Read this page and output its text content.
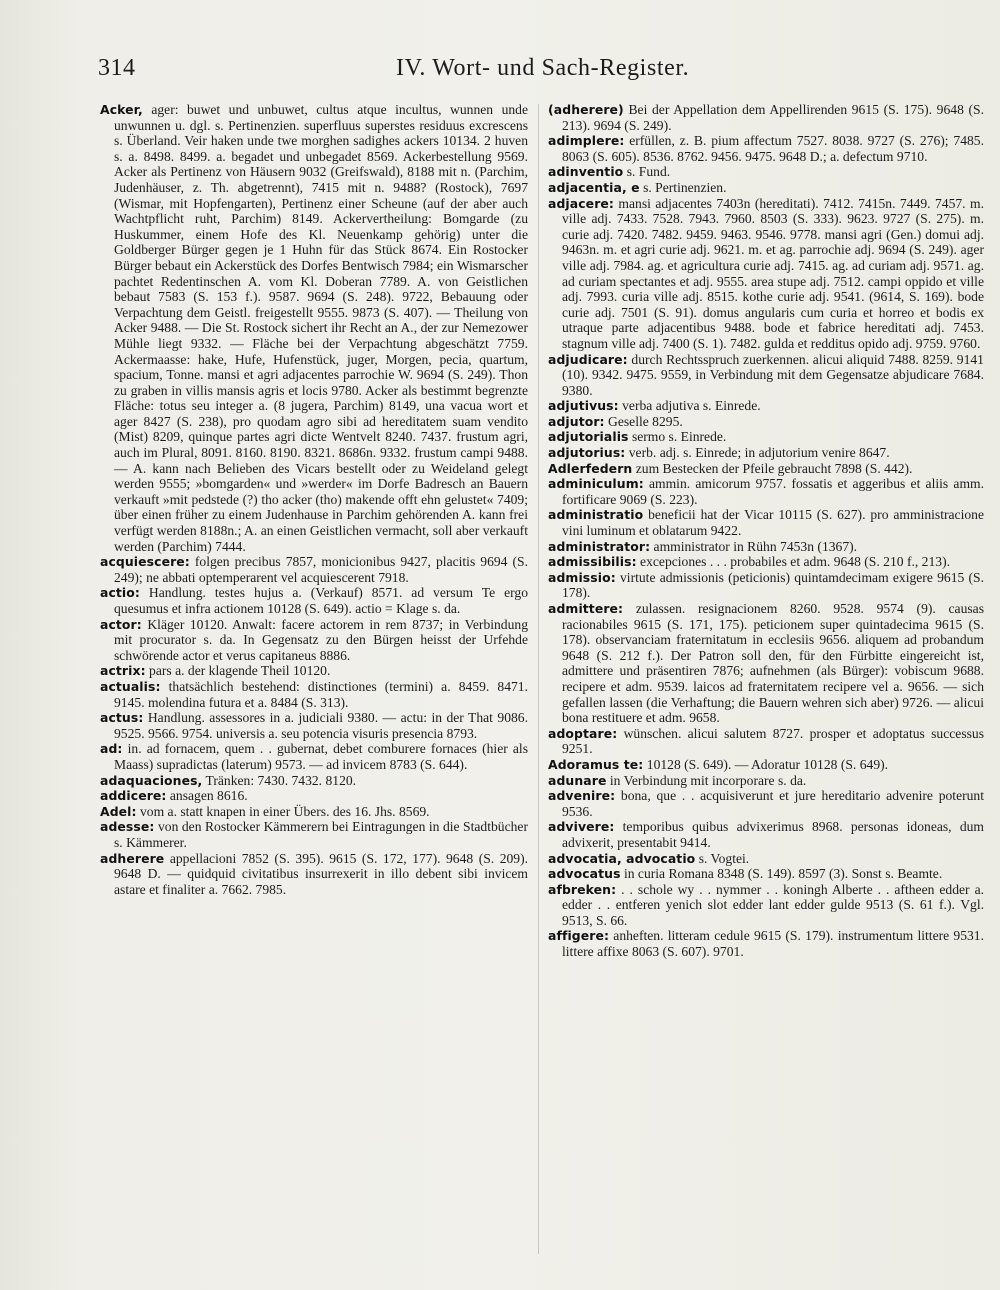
314	IV. Wort- und Sach-Register.

Acker, ager: buwet und unbuwet, cultus atque incultus, wunnen unde unwunnen u. dgl. s. Pertinenzien. superfluus superstes residuus excrescens s. Überland. Veir haken unde twe morghen sadighes ackers 10134. 2 huven s. a. 8498. 8499. a. begadet und unbegadet 8569. Ackerbestellung 9569. Acker als Pertinenz von Häusern 9032 (Greifswald), 8188 mit n. (Parchim, Judenhäuser, z. Th. abgetrennt), 7415 mit n. 9488? (Rostock), 7697 (Wismar, mit Hopfengarten), Pertinenz einer Scheune (auf der aber auch Wachtpflicht ruht, Parchim) 8149. Ackervertheilung: Bomgarde (zu Huskummer, einem Hofe des Kl. Neuenkamp gehörig) unter die Goldberger Bürger gegen je 1 Huhn für das Stück 8674. Ein Rostocker Bürger bebaut ein Ackerstück des Dorfes Bentwisch 7984; ein Wismarscher pachtet Redentinschen A. vom Kl. Doberan 7789. A. von Geistlichen bebaut 7583 (S. 153 f.). 9587. 9694 (S. 248). 9722, Bebauung oder Verpachtung dem Geistl. freigestellt 9555. 9873 (S. 407). — Theilung von Acker 9488. — Die St. Rostock sichert ihr Recht an A., der zur Nemezower Mühle liegt 9332. — Fläche bei der Verpachtung abgeschätzt 7759. Ackermaasse: hake, Hufe, Hufenstück, juger, Morgen, pecia, quartum, spacium, Tonne. mansi et agri adjacentes parrochie W. 9694 (S. 249). Thon zu graben in villis mansis agris et locis 9780. Acker als bestimmt begrenzte Fläche: totus seu integer a. (8 jugera, Parchim) 8149, una vacua wort et ager 8427 (S. 238), pro quodam agro sibi ad hereditatem suam vendito (Mist) 8209, quinque partes agri dicte Wentvelt 8240. 7437. frustum agri, auch im Plural, 8091. 8160. 8190. 8321. 8686n. 9332. frustum campi 9488. — A. kann nach Belieben des Vicars bestellt oder zu Weideland gelegt werden 9555; »bomgarden« und »werder« im Dorfe Badresch an Bauern verkauft »mit pedstede (?) tho acker (tho) makende offt ehn gelustet« 7409; über einen früher zu einem Judenhause in Parchim gehörenden A. kann frei verfügt werden 8188n.; A. an einen Geistlichen vermacht, soll aber verkauft werden (Parchim) 7444.

acquiescere: folgen precibus 7857, monicionibus 9427, placitis 9694 (S. 249); ne abbati optemperarent vel acquiescerent 7918.

actio: Handlung. testes hujus a. (Verkauf) 8571. ad versum Te ergo quesumus et infra actionem 10128 (S. 649). actio = Klage s. da.

actor: Kläger 10120. Anwalt: facere actorem in rem 8737; in Verbindung mit procurator s. da. In Gegensatz zu den Bürgen heisst der Urfehde schwörende actor et verus capitaneus 8886.

actrix: pars a. der klagende Theil 10120.

actualis: thatsächlich bestehend: distinctiones (termini) a. 8459. 8471. 9145. molendina futura et a. 8484 (S. 313).

actus: Handlung. assessores in a. judiciali 9380. — actu: in der That 9086. 9525. 9566. 9754. universis a. seu potencia visuris presencia 8793.

ad: in. ad fornacem, quem . . gubernat, debet comburere fornaces (hier als Maass) supradictas (laterum) 9573. — ad invicem 8783 (S. 644).

adaquaciones, Tränken: 7430. 7432. 8120.

addicere: ansagen 8616.

Adel: vom a. statt knapen in einer Übers. des 16. Jhs. 8569.

adesse: von den Rostocker Kämmerern bei Eintragungen in die Stadtbücher s. Kämmerer.

adherere appellacioni 7852 (S. 395). 9615 (S. 172, 177). 9648 (S. 209). 9648 D. — quidquid civitatibus insurrexerit in illo debent sibi invicem astare et finaliter a. 7662. 7985.

(adherere) Bei der Appellation dem Appellirenden 9615 (S. 175). 9648 (S. 213). 9694 (S. 249).

adimplere: erfüllen, z. B. pium affectum 7527. 8038. 9727 (S. 276); 7485. 8063 (S. 605). 8536. 8762. 9456. 9475. 9648 D.; a. defectum 9710.

adinventio s. Fund.

adjacentia, e s. Pertinenzien.

adjacere: mansi adjacentes 7403n (hereditati). 7412. 7415n. 7449. 7457. m. ville adj. 7433. 7528. 7943. 7960. 8503 (S. 333). 9623. 9727 (S. 275). m. curie adj. 7420. 7482. 9459. 9463. 9546. 9778. mansi agri (Gen.) domui adj. 9463n. m. et agri curie adj. 9621. m. et ag. parrochie adj. 9694 (S. 249). ager ville adj. 7984. ag. et agricultura curie adj. 7415. ag. ad curiam adj. 9571. ag. ad curiam spectantes et adj. 9555. area stupe adj. 7512. campi oppido et ville adj. 7993. curia ville adj. 8515. kothe curie adj. 9541. (9614, S. 169). bode curie adj. 7501 (S. 91). domus angularis cum curia et horreo et bodis ex utraque parte adjacentibus 9488. bode et fabrice hereditati adj. 7453. stagnum ville adj. 7400 (S. 1). 7482. gulda et redditus opido adj. 9759. 9760.

adjudicare: durch Rechtsspruch zuerkennen. alicui aliquid 7488. 8259. 9141 (10). 9342. 9475. 9559, in Verbindung mit dem Gegensatze abjudicare 7684. 9380.

adjutivus: verba adjutiva s. Einrede.

adjutor: Geselle 8295.

adjutorialis sermo s. Einrede.

adjutorius: verb. adj. s. Einrede; in adjutorium venire 8647.

Adlerfedern zum Bestecken der Pfeile gebraucht 7898 (S. 442).

adminiculum: ammin. amicorum 9757. fossatis et aggeribus et aliis amm. fortificare 9069 (S. 223).

administratio beneficii hat der Vicar 10115 (S. 627). pro amministracione vini luminum et oblatarum 9422.

administrator: amministrator in Rühn 7453n (1367).

admissibilis: excepciones . . . probabiles et adm. 9648 (S. 210 f., 213).

admissio: virtute admissionis (peticionis) quintamdecimam exigere 9615 (S. 178).

admittere: zulassen. resignacionem 8260. 9528. 9574 (9). causas racionabiles 9615 (S. 171, 175). peticionem super quintadecima 9615 (S. 178). observanciam fraternitatum in ecclesiis 9656. aliquem ad probandum 9648 (S. 212 f.). Der Patron soll den, für den Fürbitte eingereicht ist, admittere und präsentiren 7876; aufnehmen (als Bürger): vobiscum 9688. recipere et adm. 9539. laicos ad fraternitatem recipere vel a. 9656. — sich gefallen lassen (die Verhaftung; die Bauern wehren sich aber) 9726. — alicui bona restituere et adm. 9658.

adoptare: wünschen. alicui salutem 8727. prosper et adoptatus successus 9251.

Adoramus te: 10128 (S. 649). — Adoratur 10128 (S. 649).

adunare in Verbindung mit incorporare s. da.

advenire: bona, que . . acquisiverunt et jure hereditario advenire poterunt 9536.

advivere: temporibus quibus advixerimus 8968. personas idoneas, dum advixerit, presentabit 9414.

advocatia, advocatio s. Vogtei.

advocatus in curia Romana 8348 (S. 149). 8597 (3). Sonst s. Beamte.

afbreken: . . schole wy . . nymmer . . koningh Alberte . . aftheen edder a. edder . . entferen yenich slot edder lant edder gulde 9513 (S. 61 f.). Vgl. 9513, S. 66.

affigere: anheften. litteram cedule 9615 (S. 179). instrumentum littere 9531. littere affixe 8063 (S. 607). 9701.
